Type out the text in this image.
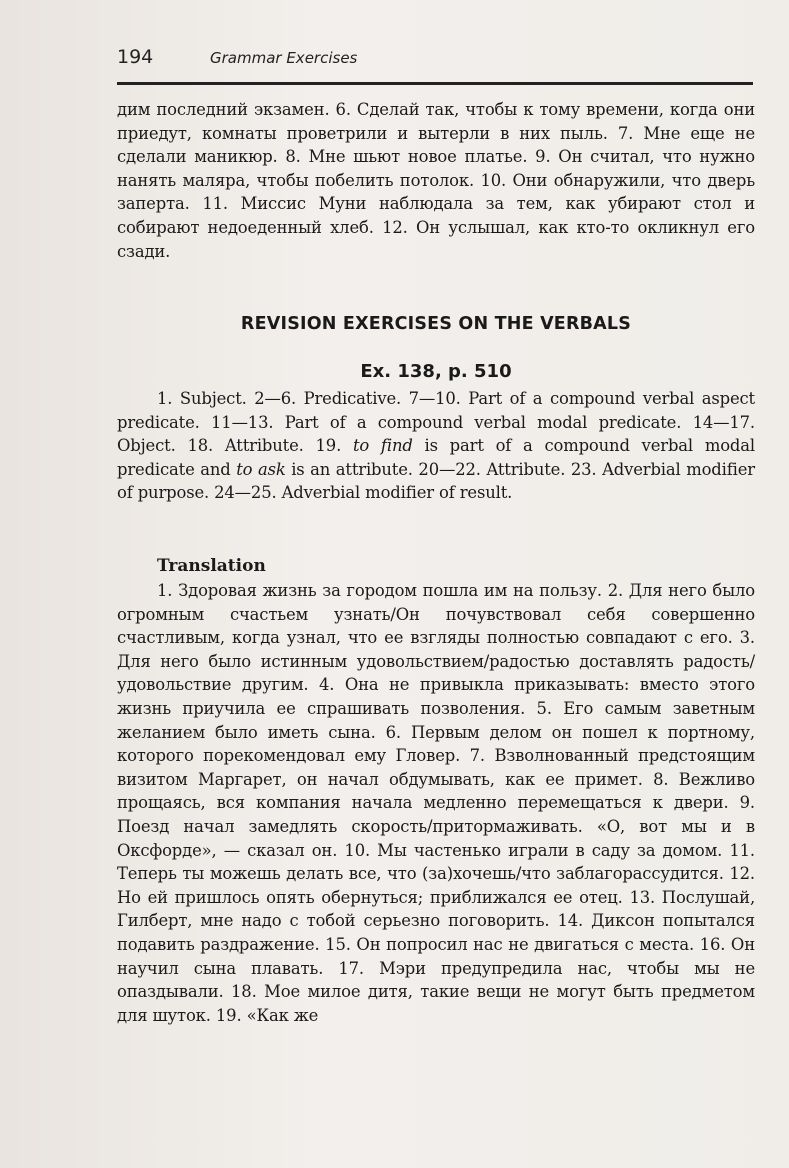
194	Grammar Exercises

дим последний экзамен. 6. Сделай так, чтобы к тому времени, когда они приедут, комнаты проветрили и вытерли в них пыль. 7. Мне еще не сделали маникюр. 8. Мне шьют новое платье. 9. Он считал, что нужно нанять маляра, чтобы побелить потолок. 10. Они обнаружили, что дверь заперта. 11. Миссис Муни наблюдала за тем, как убирают стол и собирают недоеденный хлеб. 12. Он услышал, как кто-то окликнул его сзади.

REVISION EXERCISES ON THE VERBALS
Ex. 138, p. 510

1. Subject. 2—6. Predicative. 7—10. Part of a compound verbal aspect predicate. 11—13. Part of a compound verbal modal predicate. 14—17. Object. 18. Attribute. 19. to find is part of a compound verbal modal predicate and to ask is an attribute. 20—22. Attribute. 23. Adverbial modifier of purpose. 24—25. Adverbial modifier of result.

Translation

1. Здоровая жизнь за городом пошла им на пользу. 2. Для него было огромным счастьем узнать/Он почувствовал себя совершенно счастливым, когда узнал, что ее взгляды полностью совпадают с его. 3. Для него было истинным удовольствием/радостью доставлять радость/удовольствие другим. 4. Она не привыкла приказывать: вместо этого жизнь приучила ее спрашивать позволения. 5. Его самым заветным желанием было иметь сына. 6. Первым делом он пошел к портному, которого порекомендовал ему Гловер. 7. Взволнованный предстоящим визитом Маргарет, он начал обдумывать, как ее примет. 8. Вежливо прощаясь, вся компания начала медленно перемещаться к двери. 9. Поезд начал замедлять скорость/притормаживать. «О, вот мы и в Оксфорде», — сказал он. 10. Мы частенько играли в саду за домом. 11. Теперь ты можешь делать все, что (за)хочешь/что заблагорассудится. 12. Но ей пришлось опять обернуться; приближался ее отец. 13. Послушай, Гилберт, мне надо с тобой серьезно поговорить. 14. Диксон попытался подавить раздражение. 15. Он попросил нас не двигаться с места. 16. Он научил сына плавать. 17. Мэри предупредила нас, чтобы мы не опаздывали. 18. Мое милое дитя, такие вещи не могут быть предметом для шуток. 19. «Как же
